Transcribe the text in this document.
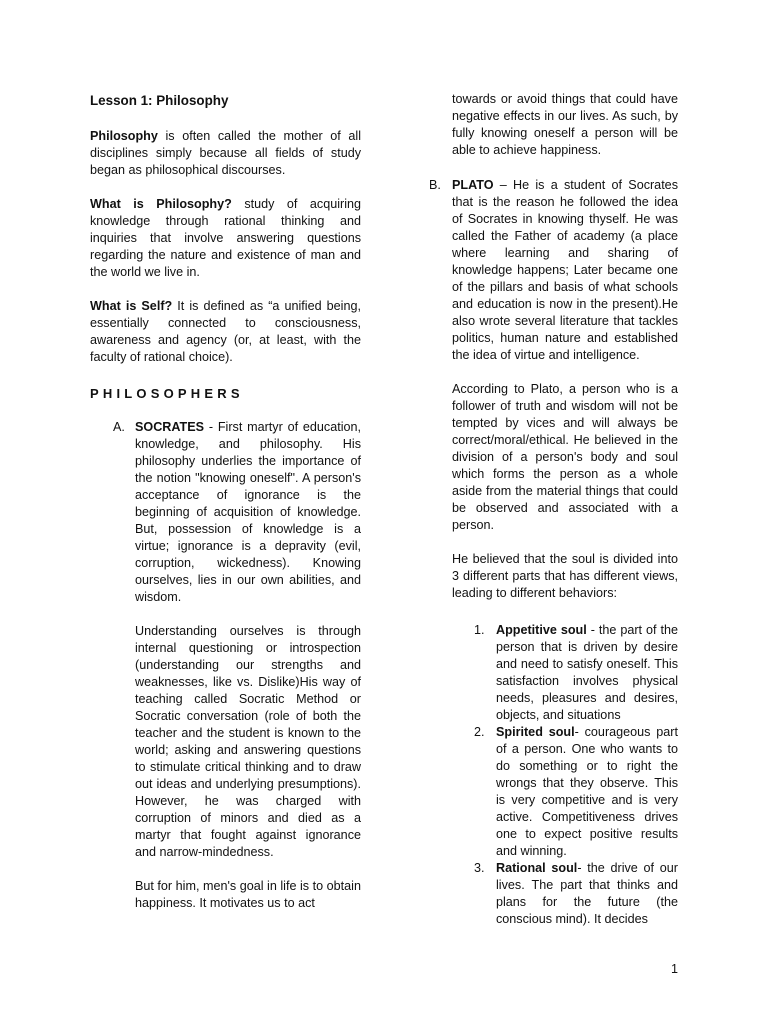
Lesson 1: Philosophy

Philosophy is often called the mother of all disciplines simply because all fields of study began as philosophical discourses.

What is Philosophy? study of acquiring knowledge through rational thinking and inquiries that involve answering questions regarding the nature and existence of man and the world we live in.

What is Self? It is defined as “a unified being, essentially connected to consciousness, awareness and agency (or, at least, with the faculty of rational choice).

PHILOSOPHERS
A. SOCRATES - First martyr of education, knowledge, and philosophy. His philosophy underlies the importance of the notion "knowing oneself". A person's acceptance of ignorance is the beginning of acquisition of knowledge. But, possession of knowledge is a virtue; ignorance is a depravity (evil, corruption, wickedness). Knowing ourselves, lies in our own abilities, and wisdom.

Understanding ourselves is through internal questioning or introspection (understanding our strengths and weaknesses, like vs. Dislike)His way of teaching called Socratic Method or Socratic conversation (role of both the teacher and the student is known to the world; asking and answering questions to stimulate critical thinking and to draw out ideas and underlying presumptions). However, he was charged with corruption of minors and died as a martyr that fought against ignorance and narrow-mindedness.

But for him, men's goal in life is to obtain happiness. It motivates us to act

towards or avoid things that could have negative effects in our lives. As such, by fully knowing oneself a person will be able to achieve happiness.

B. PLATO – He is a student of Socrates that is the reason he followed the idea of Socrates in knowing thyself. He was called the Father of academy (a place where learning and sharing of knowledge happens; Later became one of the pillars and basis of what schools and education is now in the present).He also wrote several literature that tackles politics, human nature and established the idea of virtue and intelligence.

According to Plato, a person who is a follower of truth and wisdom will not be tempted by vices and will always be correct/moral/ethical. He believed in the division of a person's body and soul which forms the person as a whole aside from the material things that could be observed and associated with a person.

He believed that the soul is divided into 3 different parts that has different views, leading to different behaviors:

1. Appetitive soul - the part of the person that is driven by desire and need to satisfy oneself. This satisfaction involves physical needs, pleasures and desires, objects, and situations

2. Spirited soul- courageous part of a person. One who wants to do something or to right the wrongs that they observe. This is very competitive and is very active. Competitiveness drives one to expect positive results and winning.

3. Rational soul- the drive of our lives. The part that thinks and plans for the future (the conscious mind). It decides

1
